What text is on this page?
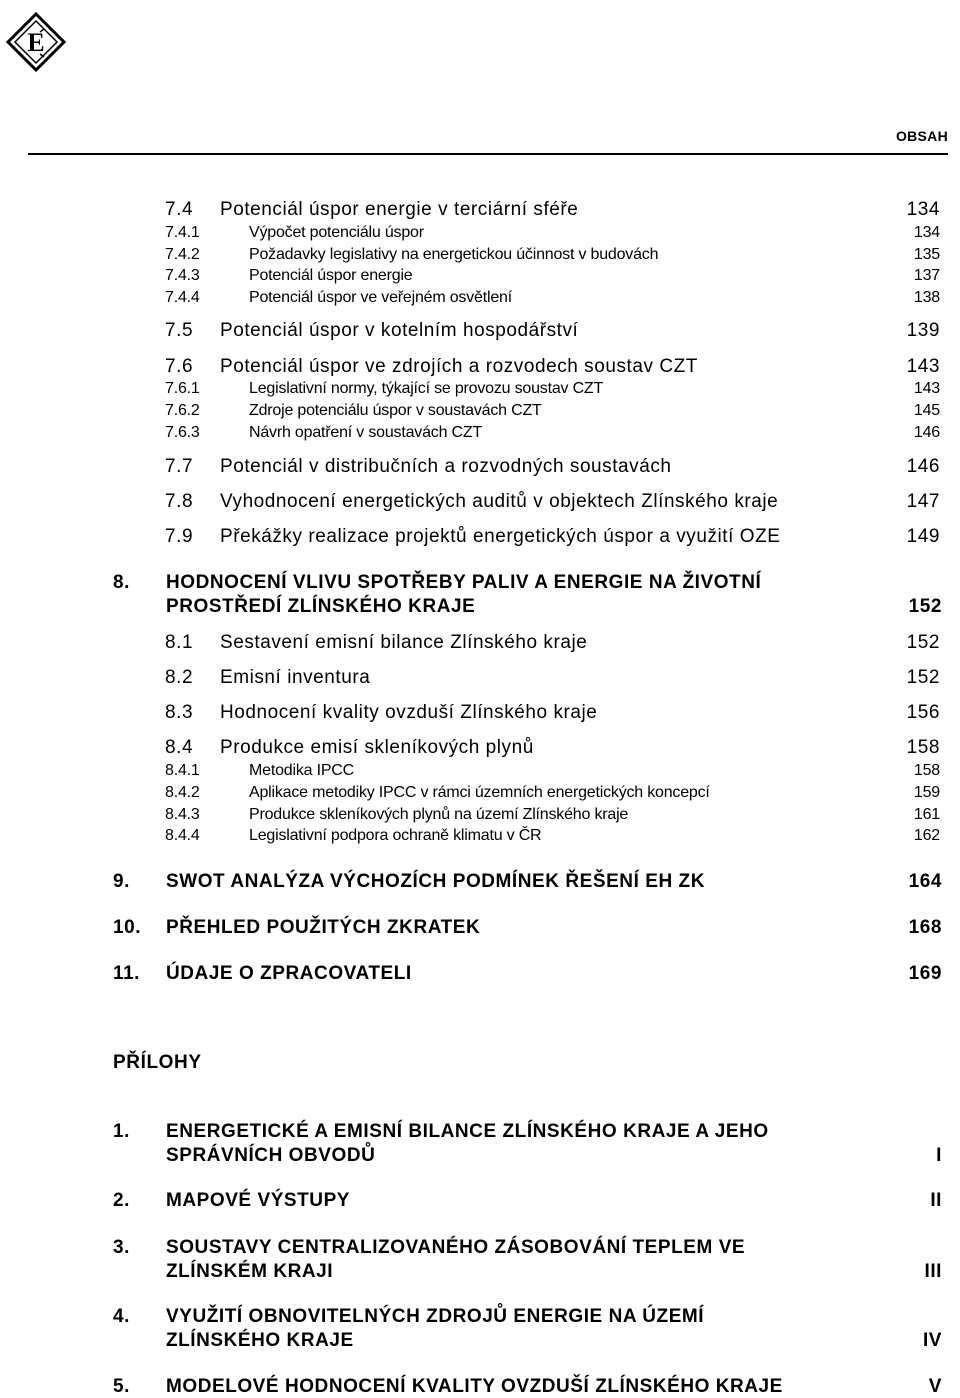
E
OBSAH
7.4 Potenciál úspor energie v terciární sféře	134
7.4.1	Výpočet potenciálu úspor	134
7.4.2	Požadavky legislativy na energetickou účinnost v budovách	135
7.4.3	Potenciál úspor energie	137
7.4.4	Potenciál úspor ve veřejném osvětlení	138
7.5 Potenciál úspor v kotelním hospodářství	139
7.6 Potenciál úspor ve zdrojích a rozvodech soustav CZT	143
7.6.1	Legislativní normy, týkající se provozu soustav CZT	143
7.6.2	Zdroje potenciálu úspor v soustavách CZT	145
7.6.3	Návrh opatření v soustavách CZT	146
7.7 Potenciál v distribučních a rozvodných soustavách	146
7.8 Vyhodnocení energetických auditů v objektech Zlínského kraje	147
7.9 Překážky realizace projektů energetických úspor a využití OZE	149
8. HODNOCENÍ VLIVU SPOTŘEBY PALIV A ENERGIE NA ŽIVOTNÍ
PROSTŘEDÍ ZLÍNSKÉHO KRAJE	152
8.1 Sestavení emisní bilance Zlínského kraje	152
8.2 Emisní inventura	152
8.3 Hodnocení kvality ovzduší Zlínského kraje	156
8.4 Produkce emisí skleníkových plynů	158
8.4.1	Metodika IPCC	158
8.4.2	Aplikace metodiky IPCC v rámci územních energetických koncepcí	159
8.4.3	Produkce skleníkových plynů na území Zlínského kraje	161
8.4.4	Legislativní podpora ochraně klimatu v ČR	162
9. SWOT ANALÝZA VÝCHOZÍCH PODMÍNEK ŘEŠENÍ EH ZK	164
10. PŘEHLED POUŽITÝCH ZKRATEK	168
11. ÚDAJE O ZPRACOVATELI	169
PŘÍLOHY
1. ENERGETICKÉ A EMISNÍ BILANCE ZLÍNSKÉHO KRAJE A JEHO
SPRÁVNÍCH OBVODŮ	I
2. MAPOVÉ VÝSTUPY	II
3. SOUSTAVY CENTRALIZOVANÉHO ZÁSOBOVÁNÍ TEPLEM VE
ZLÍNSKÉM KRAJI	III
4. VYUŽITÍ OBNOVITELNÝCH ZDROJŮ ENERGIE NA ÚZEMÍ
ZLÍNSKÉHO KRAJE	IV
5. MODELOVÉ HODNOCENÍ KVALITY OVZDUŠÍ ZLÍNSKÉHO KRAJE	V
